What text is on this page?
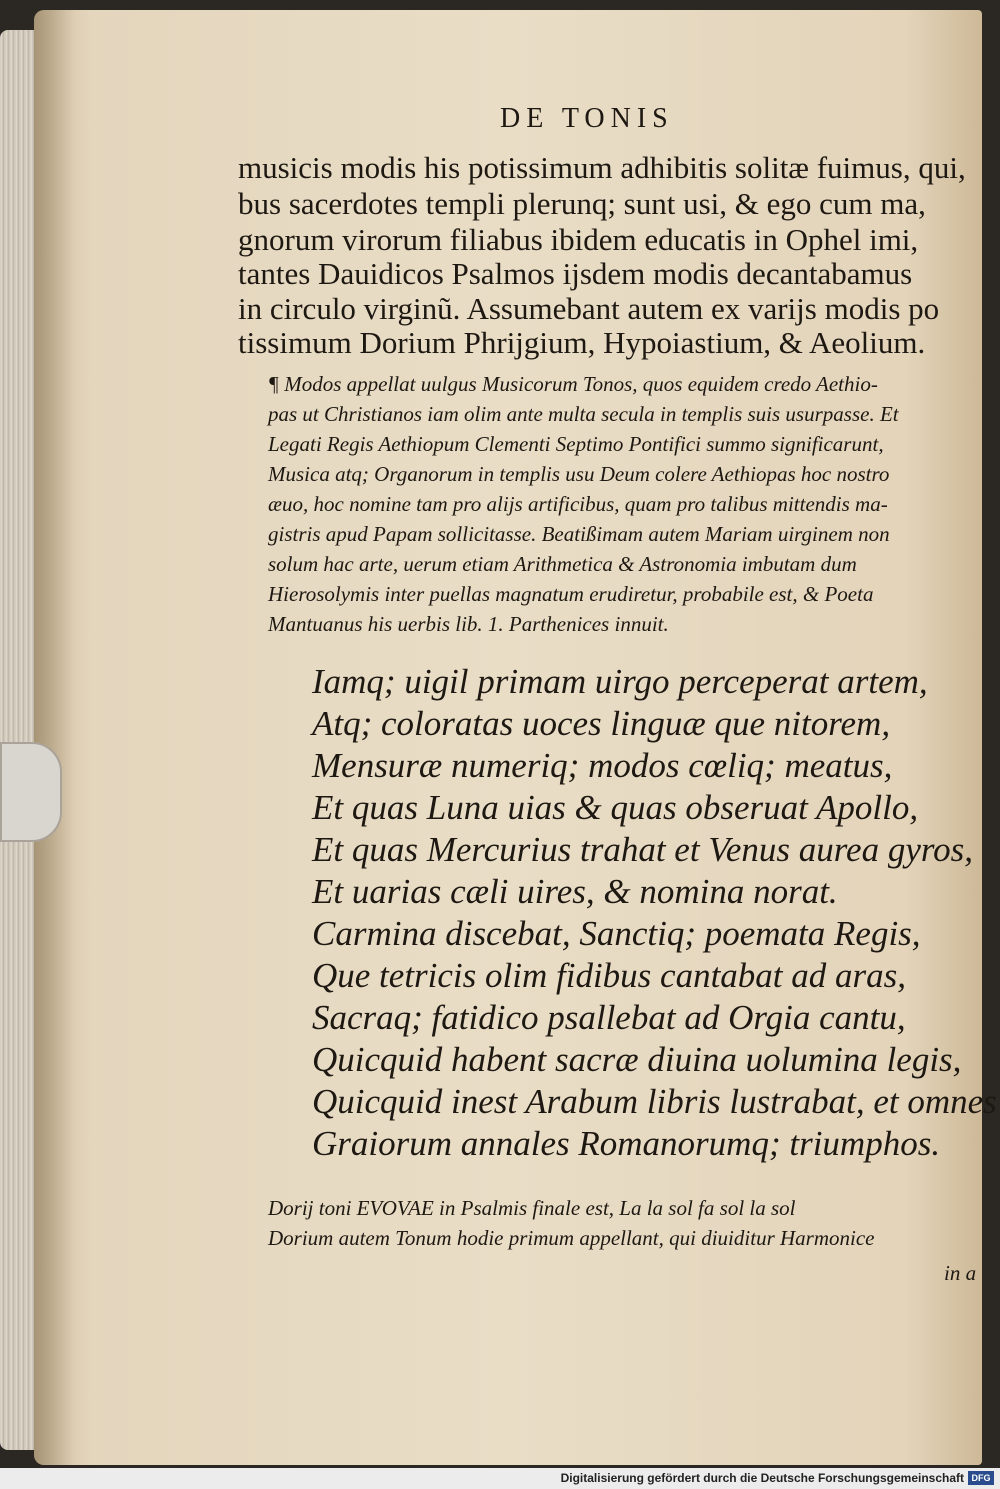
DE TONIS
musicis modis his potissimum adhibitis solitæ fuimus, qui,
bus sacerdotes templi plerunq; sunt usi, & ego cum ma,
gnorum virorum filiabus ibidem educatis in Ophel imi,
tantes Dauidicos Psalmos ijsdem modis decantabamus
in circulo virginũ. Assumebant autem ex varijs modis po
tissimum Dorium Phrijgium, Hypoiastium, & Aeolium.
¶ Modos appellat uulgus Musicorum Tonos, quos equidem credo Aethio-
pas ut Christianos iam olim ante multa secula in templis suis usurpasse. Et
Legati Regis Aethiopum Clementi Septimo Pontifici summo significarunt,
Musica atq; Organorum in templis usu Deum colere Aethiopas hoc nostro
æuo, hoc nomine tam pro alijs artificibus, quam pro talibus mittendis ma-
gistris apud Papam sollicitasse. Beatißimam autem Mariam uirginem non
solum hac arte, uerum etiam Arithmetica & Astronomia imbutam dum
Hierosolymis inter puellas magnatum erudiretur, probabile est, & Poeta
Mantuanus his uerbis lib. 1. Parthenices innuit.
Iamq; uigil primam uirgo perceperat artem,
Atq; coloratas uoces linguæ que nitorem,
Mensuræ numeriq; modos cœliq; meatus,
Et quas Luna uias & quas obseruat Apollo,
Et quas Mercurius trahat et Venus aurea gyros,
Et uarias cæli uires, & nomina norat.
Carmina discebat, Sanctiq; poemata Regis,
Que tetricis olim fidibus cantabat ad aras,
Sacraq; fatidico psallebat ad Orgia cantu,
Quicquid habent sacræ diuina uolumina legis,
Quicquid inest Arabum libris lustrabat, et omnes
Graiorum annales Romanorumq; triumphos.
Dorij toni EVOVAE in Psalmis finale est, La la sol fa sol la sol
Dorium autem Tonum hodie primum appellant, qui diuiditur Harmonice
in a
Digitalisierung gefördert durch die Deutsche Forschungsgemeinschaft DFG
